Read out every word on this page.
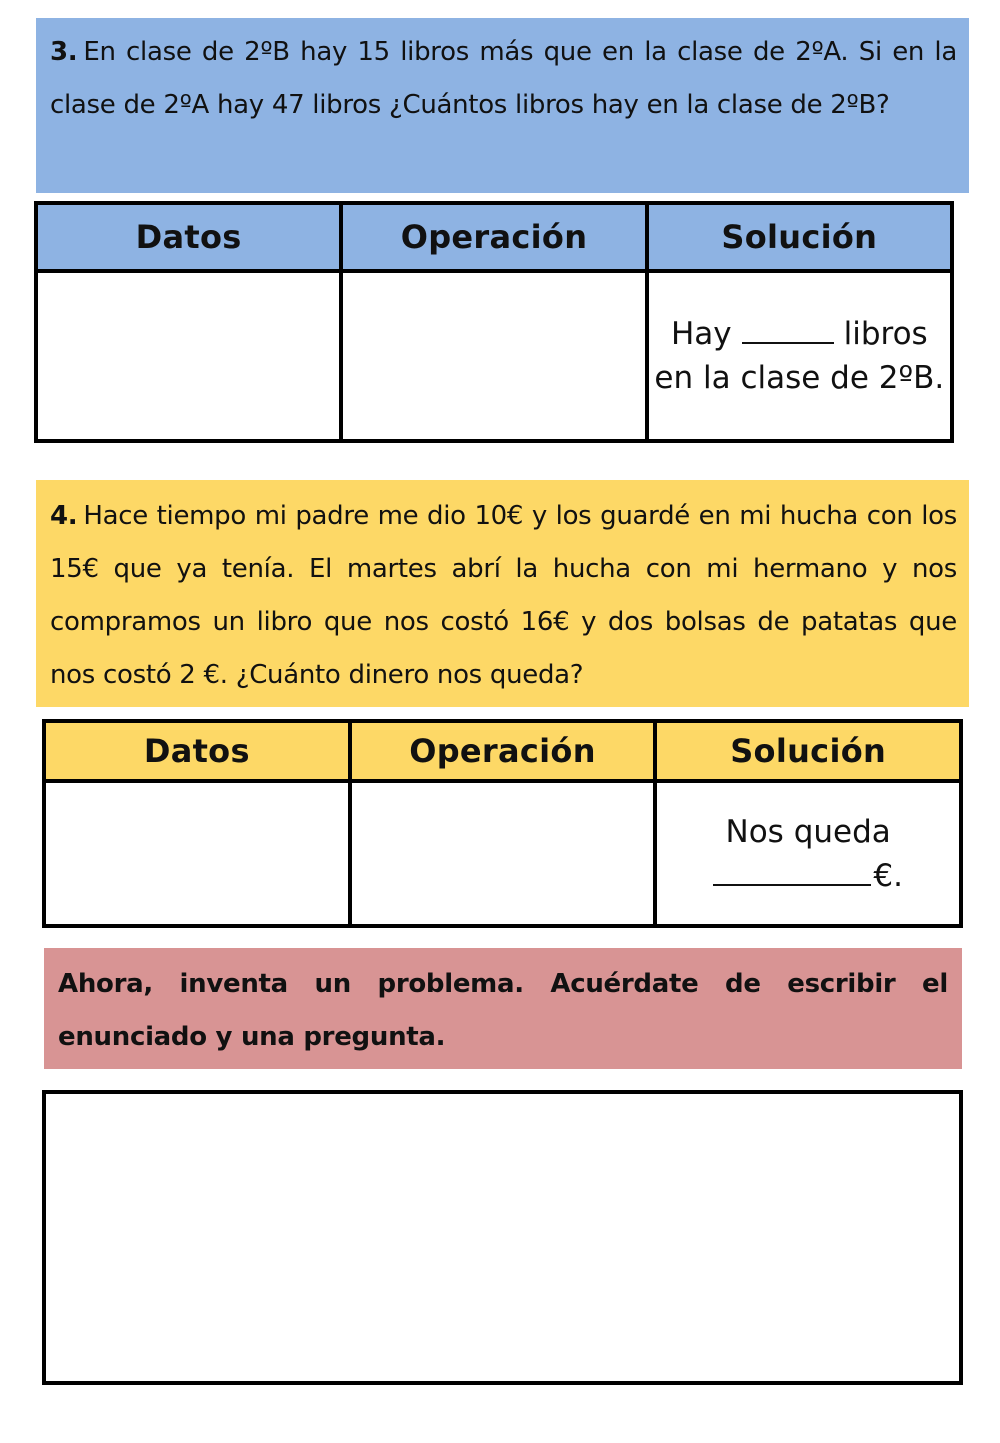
3. En clase de 2ºB hay 15 libros más que en la clase de 2ºA. Si en la clase de 2ºA hay 47 libros ¿Cuántos libros hay en la clase de 2ºB?
Datos	Operación	Solución
		Hay libros en la clase de 2ºB.
4. Hace tiempo mi padre me dio 10€ y los guardé en mi hucha con los 15€ que ya tenía. El martes abrí la hucha con mi hermano y nos compramos un libro que nos costó 16€ y dos bolsas de patatas que nos costó 2 €. ¿Cuánto dinero nos queda?
Datos	Operación	Solución

		Nos queda
€.
Ahora, inventa un problema. Acuérdate de escribir el enunciado y una pregunta.
